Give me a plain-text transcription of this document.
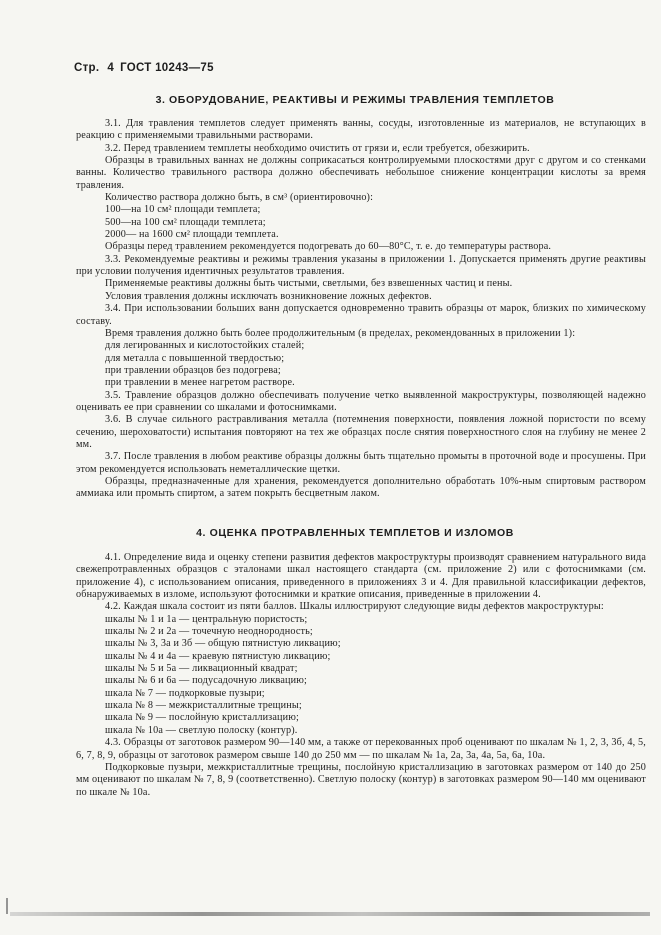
Стр. 4 ГОСТ 10243—75
3. ОБОРУДОВАНИЕ, РЕАКТИВЫ И РЕЖИМЫ ТРАВЛЕНИЯ ТЕМПЛЕТОВ

3.1. Для травления темплетов следует применять ванны, сосуды, изготовленные из материалов, не вступающих в реакцию с применяемыми травильными растворами.

3.2. Перед травлением темплеты необходимо очистить от грязи и, если требуется, обезжирить.

Образцы в травильных ваннах не должны соприкасаться контролируемыми плоскостями друг с другом и со стенками ванны. Количество травильного раствора должно обеспечивать небольшое снижение концентрации кислоты за время травления.

Количество раствора должно быть, в см³ (ориентировочно):

100—на 10 см² площади темплета;

500—на 100 см² площади темплета;

2000— на 1600 см² площади темплета.

Образцы перед травлением рекомендуется подогревать до 60—80°С, т. е. до температуры раствора.

3.3. Рекомендуемые реактивы и режимы травления указаны в приложении 1. Допускается применять другие реактивы при условии получения идентичных результатов травления.

Применяемые реактивы должны быть чистыми, светлыми, без взвешенных частиц и пены.

Условия травления должны исключать возникновение ложных дефектов.

3.4. При использовании больших ванн допускается одновременно травить образцы от марок, близких по химическому составу.

Время травления должно быть более продолжительным (в пределах, рекомендованных в приложении 1):

для легированных и кислотостойких сталей;

для металла с повышенной твердостью;

при травлении образцов без подогрева;

при травлении в менее нагретом растворе.

3.5. Травление образцов должно обеспечивать получение четко выявленной макроструктуры, позволяющей надежно оценивать ее при сравнении со шкалами и фотоснимками.

3.6. В случае сильного растравливания металла (потемнения поверхности, появления ложной пористости по всему сечению, шероховатости) испытания повторяют на тех же образцах после снятия поверхностного слоя на глубину не менее 2 мм.

3.7. После травления в любом реактиве образцы должны быть тщательно промыты в проточной воде и просушены. При этом рекомендуется использовать неметаллические щетки.

Образцы, предназначенные для хранения, рекомендуется дополнительно обработать 10%-ным спиртовым раствором аммиака или промыть спиртом, а затем покрыть бесцветным лаком.

4. ОЦЕНКА ПРОТРАВЛЕННЫХ ТЕМПЛЕТОВ И ИЗЛОМОВ

4.1. Определение вида и оценку степени развития дефектов макроструктуры производят сравнением натурального вида свежепротравленных образцов с эталонами шкал настоящего стандарта (см. приложение 2) или с фотоснимками (см. приложение 4), с использованием описания, приведенного в приложениях 3 и 4. Для правильной классификации дефектов, обнаруживаемых в изломе, используют фотоснимки и краткие описания, приведенные в приложении 4.

4.2. Каждая шкала состоит из пяти баллов. Шкалы иллюстрируют следующие виды дефектов макроструктуры:

шкалы № 1 и 1а — центральную пористость;

шкалы № 2 и 2а — точечную неоднородность;

шкалы № 3, 3а и 3б — общую пятнистую ликвацию;

шкалы № 4 и 4а — краевую пятнистую ликвацию;

шкалы № 5 и 5а — ликвационный квадрат;

шкалы № 6 и 6а — подусадочную ликвацию;

шкала № 7 — подкорковые пузыри;

шкала № 8 — межкристаллитные трещины;

шкала № 9 — послойную кристаллизацию;

шкала № 10а — светлую полоску (контур).

4.3. Образцы от заготовок размером 90—140 мм, а также от перекованных проб оценивают по шкалам № 1, 2, 3, 3б, 4, 5, 6, 7, 8, 9, образцы от заготовок размером свыше 140 до 250 мм — по шкалам № 1а, 2а, 3а, 4а, 5а, 6а, 10а.

Подкорковые пузыри, межкристаллитные трещины, послойную кристаллизацию в заготовках размером от 140 до 250 мм оценивают по шкалам № 7, 8, 9 (соответственно). Светлую полоску (контур) в заготовках размером 90—140 мм оценивают по шкале № 10а.
